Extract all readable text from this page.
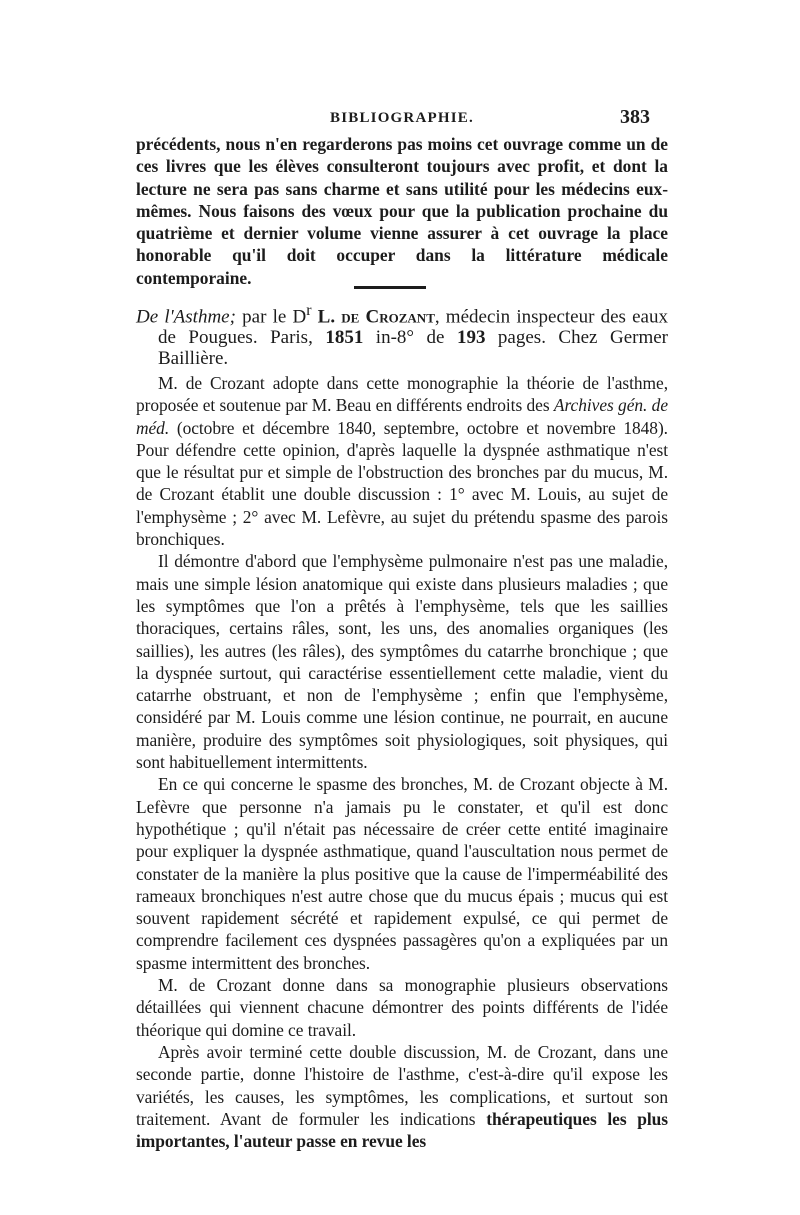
BIBLIOGRAPHIE.	383

précédents, nous n'en regarderons pas moins cet ouvrage comme un de ces livres que les élèves consulteront toujours avec profit, et dont la lecture ne sera pas sans charme et sans utilité pour les médecins eux-mêmes. Nous faisons des vœux pour que la publication prochaine du quatrième et dernier volume vienne assurer à cet ouvrage la place honorable qu'il doit occuper dans la littérature médicale contemporaine.

De l'Asthme; par le $D^r$ L. de Crozant, médecin inspecteur des eaux de Pougues. Paris, 1851 in-8° de 193 pages. Chez Germer Baillière.

M. de Crozant adopte dans cette monographie la théorie de l'asthme, proposée et soutenue par M. Beau en différents endroits des Archives gén. de méd. (octobre et décembre 1840, septembre, octobre et novembre 1848). Pour défendre cette opinion, d'après laquelle la dyspnée asthmatique n'est que le résultat pur et simple de l'obstruction des bronches par du mucus, M. de Crozant établit une double discussion : 1° avec M. Louis, au sujet de l'emphysème ; 2° avec M. Lefèvre, au sujet du prétendu spasme des parois bronchiques.

Il démontre d'abord que l'emphysème pulmonaire n'est pas une maladie, mais une simple lésion anatomique qui existe dans plusieurs maladies ; que les symptômes que l'on a prêtés à l'emphysème, tels que les saillies thoraciques, certains râles, sont, les uns, des anomalies organiques (les saillies), les autres (les râles), des symptômes du catarrhe bronchique ; que la dyspnée surtout, qui caractérise essentiellement cette maladie, vient du catarrhe obstruant, et non de l'emphysème ; enfin que l'emphysème, considéré par M. Louis comme une lésion continue, ne pourrait, en aucune manière, produire des symptômes soit physiologiques, soit physiques, qui sont habituellement intermittents.

En ce qui concerne le spasme des bronches, M. de Crozant objecte à M. Lefèvre que personne n'a jamais pu le constater, et qu'il est donc hypothétique ; qu'il n'était pas nécessaire de créer cette entité imaginaire pour expliquer la dyspnée asthmatique, quand l'auscultation nous permet de constater de la manière la plus positive que la cause de l'imperméabilité des rameaux bronchiques n'est autre chose que du mucus épais ; mucus qui est souvent rapidement sécrété et rapidement expulsé, ce qui permet de comprendre facilement ces dyspnées passagères qu'on a expliquées par un spasme intermittent des bronches.

M. de Crozant donne dans sa monographie plusieurs observations détaillées qui viennent chacune démontrer des points différents de l'idée théorique qui domine ce travail.

Après avoir terminé cette double discussion, M. de Crozant, dans une seconde partie, donne l'histoire de l'asthme, c'est-à-dire qu'il expose les variétés, les causes, les symptômes, les complications, et surtout son traitement. Avant de formuler les indications thérapeutiques les plus importantes, l'auteur passe en revue les
